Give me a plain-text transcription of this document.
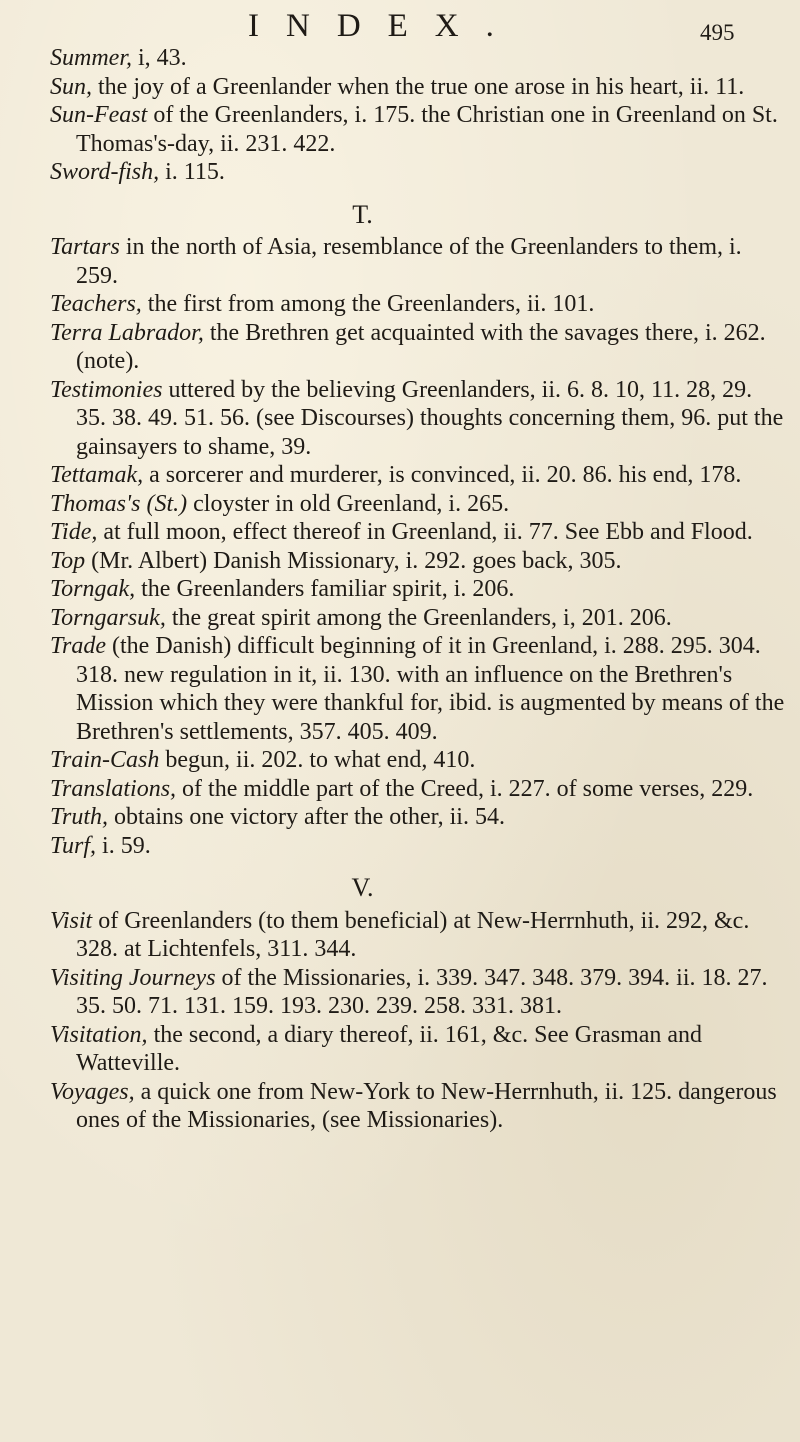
INDEX.	495

Summer, i, 43.

Sun, the joy of a Greenlander when the true one arose in his heart, ii. 11.

Sun-Feast of the Greenlanders, i. 175. the Christian one in Greenland on St. Thomas's-day, ii. 231. 422.

Sword-fish, i. 115.

T.

Tartars in the north of Asia, resemblance of the Greenlanders to them, i. 259.

Teachers, the first from among the Greenlanders, ii. 101.

Terra Labrador, the Brethren get acquainted with the savages there, i. 262. (note).

Testimonies uttered by the believing Greenlanders, ii. 6. 8. 10, 11. 28, 29. 35. 38. 49. 51. 56. (see Discourses) thoughts concerning them, 96. put the gainsayers to shame, 39.

Tettamak, a sorcerer and murderer, is convinced, ii. 20. 86. his end, 178.

Thomas's (St.) cloyster in old Greenland, i. 265.

Tide, at full moon, effect thereof in Greenland, ii. 77. See Ebb and Flood.

Top (Mr. Albert) Danish Missionary, i. 292. goes back, 305.

Torngak, the Greenlanders familiar spirit, i. 206.

Torngarsuk, the great spirit among the Greenlanders, i, 201. 206.

Trade (the Danish) difficult beginning of it in Greenland, i. 288. 295. 304. 318. new regulation in it, ii. 130. with an influence on the Brethren's Mission which they were thankful for, ibid. is augmented by means of the Brethren's settlements, 357. 405. 409.

Train-Cash begun, ii. 202. to what end, 410.

Translations, of the middle part of the Creed, i. 227. of some verses, 229.

Truth, obtains one victory after the other, ii. 54.

Turf, i. 59.

V.

Visit of Greenlanders (to them beneficial) at New-Herrnhuth, ii. 292, &c. 328. at Lichtenfels, 311. 344.

Visiting Journeys of the Missionaries, i. 339. 347. 348. 379. 394. ii. 18. 27. 35. 50. 71. 131. 159. 193. 230. 239. 258. 331. 381.

Visitation, the second, a diary thereof, ii. 161, &c. See Grasman and Watteville.

Voyages, a quick one from New-York to New-Herrnhuth, ii. 125. dangerous ones of the Missionaries, (see Missionaries).
